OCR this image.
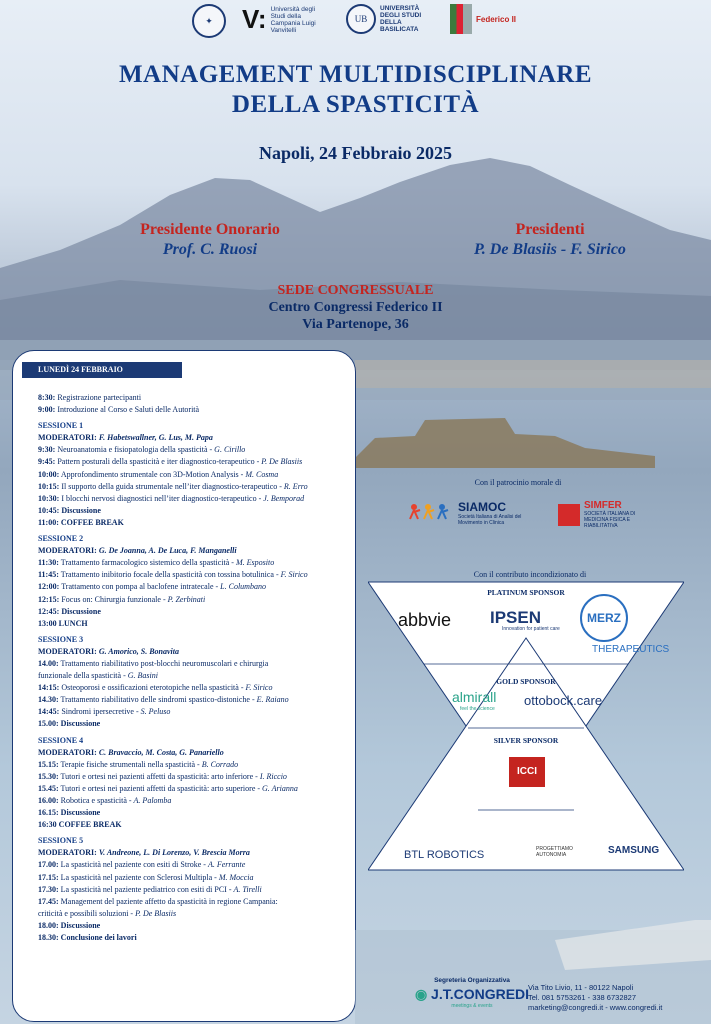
✦	V: Università degli Studi della Campania Luigi Vanvitelli
UB
UNIVERSITÀ DEGLI STUDI DELLA BASILICATA
Federico II
MANAGEMENT MULTIDISCIPLINARE
DELLA SPASTICITÀ
Napoli, 24 Febbraio 2025
Presidente Onorario
Prof. C. Ruosi
Presidenti
P. De Blasiis - F. Sirico
SEDE CONGRESSUALE
Centro Congressi Federico II
Via Partenope, 36
LUNEDÌ 24 FEBBRAIO
8:30: Registrazione partecipanti
9:00: Introduzione al Corso e Saluti delle Autorità
SESSIONE 1
MODERATORI: F. Habetswallner, G. Lus, M. Papa
9:30: Neuroanatomia e fisiopatologia della spasticità - G. Cirillo
9:45: Pattern posturali della spasticità e iter diagnostico-terapeutico - P. De Blasiis
10:00: Approfondimento strumentale con 3D-Motion Analysis - M. Cosma
10:15: Il supporto della guida strumentale nell’iter diagnostico-terapeutico - R. Erro
10:30: I blocchi nervosi diagnostici nell’iter diagnostico-terapeutico - J. Bemporad
10:45: Discussione
11:00: COFFEE BREAK
SESSIONE 2
MODERATORI: G. De Joanna, A. De Luca, F. Manganelli
11:30: Trattamento farmacologico sistemico della spasticità - M. Esposito
11:45: Trattamento inibitorio focale della spasticità con tossina botulinica - F. Sirico
12:00: Trattamento con pompa al baclofene intratecale - L. Columbano
12:15: Focus on: Chirurgia funzionale - P. Zerbinati
12:45: Discussione
13:00 LUNCH
SESSIONE 3
MODERATORI: G. Amorico, S. Bonavita
14.00: Trattamento riabilitativo post-blocchi neuromuscolari e chirurgia
funzionale della spasticità - G. Basini
14:15: Osteoporosi e ossificazioni eterotopiche nella spasticità - F. Sirico
14.30: Trattamento riabilitativo delle sindromi spastico-distoniche - E. Raiano
14:45: Sindromi ipersecretive - S. Peluso
15.00: Discussione
SESSIONE 4
MODERATORI: C. Bravaccio, M. Costa, G. Panariello
15.15: Terapie fisiche strumentali nella spasticità - B. Corrado
15.30: Tutori e ortesi nei pazienti affetti da spasticità: arto inferiore - I. Riccio
15.45: Tutori e ortesi nei pazienti affetti da spasticità: arto superiore - G. Arianna
16.00: Robotica e spasticità - A. Palomba
16.15: Discussione
16:30 COFFEE BREAK
SESSIONE 5
MODERATORI: V. Andreone, L. Di Lorenzo, V. Brescia Morra
17.00: La spasticità nel paziente con esiti di Stroke - A. Ferrante
17.15: La spasticità nel paziente con Sclerosi Multipla - M. Moccia
17.30: La spasticità nel paziente pediatrico con esiti di PCI - A. Tirelli
17.45: Management del paziente affetto da spasticità in regione Campania:
criticità e possibili soluzioni - P. De Blasiis
18.00: Discussione
18.30: Conclusione dei lavori
Con il patrocinio morale di
SIAMOC
Società Italiana di Analisi del Movimento in Clinica
SIMFER
SOCIETÀ ITALIANA DI MEDICINA FISICA E RIABILITATIVA
Con il contributo incondizionato di
PLATINUM SPONSOR
abbvie IPSEN
Innovation for patient care
MERZ
THERAPEUTICS
GOLD SPONSOR
almirall
feel the science
ottobock.care
SILVER SPONSOR
ICCI
BTL ROBOTICS	PROGETTIAMO AUTONOMIA	SAMSUNG
Segreteria Organizzativa
◉ J.T.CONGREDI
meetings & events
Via Tito Livio, 11 - 80122 Napoli
Tel. 081 5753261 - 338 6732827
marketing@congredi.it - www.congredi.it
